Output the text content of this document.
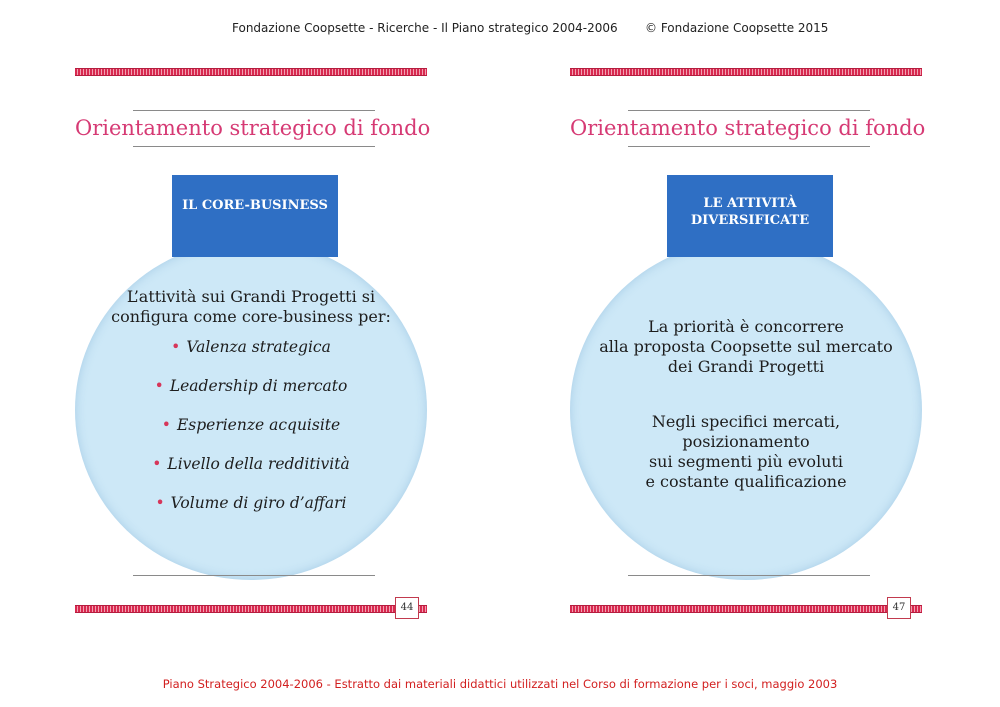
Fondazione Coopsette - Ricerche - Il Piano strategico 2004-2006 © Fondazione Coopsette 2015
Orientamento strategico di fondo
IL CORE-BUSINESS
L’attività sui Grandi Progetti si
configura come core-business per:
• Valenza strategica
• Leadership di mercato
• Esperienze acquisite
• Livello della redditività
• Volume di giro d’affari
44
Orientamento strategico di fondo
LE ATTIVITÀ
DIVERSIFICATE
La priorità è concorrere
alla proposta Coopsette sul mercato
dei Grandi Progetti
Negli specifici mercati,
posizionamento
sui segmenti più evoluti
e costante qualificazione
47
Piano Strategico 2004-2006 - Estratto dai materiali didattici utilizzati nel Corso di formazione per i soci, maggio 2003
